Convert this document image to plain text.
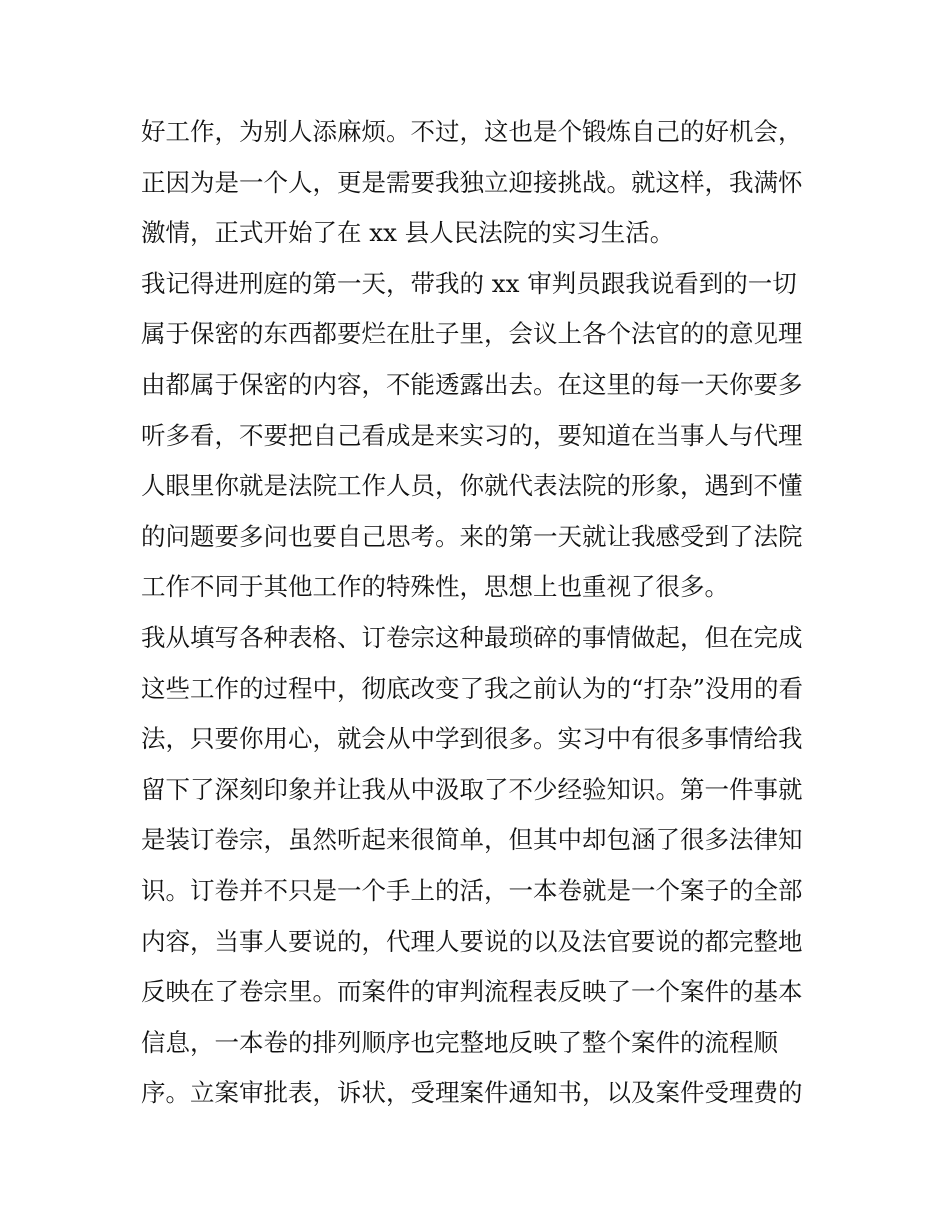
好工作，为别人添麻烦。不过，这也是个锻炼自己的好机会，
正因为是一个人，更是需要我独立迎接挑战。就这样，我满怀
激情，正式开始了在 xx 县人民法院的实习生活。
我记得进刑庭的第一天，带我的 xx 审判员跟我说看到的一切
属于保密的东西都要烂在肚子里，会议上各个法官的的意见理
由都属于保密的内容，不能透露出去。在这里的每一天你要多
听多看，不要把自己看成是来实习的，要知道在当事人与代理
人眼里你就是法院工作人员，你就代表法院的形象，遇到不懂
的问题要多问也要自己思考。来的第一天就让我感受到了法院
工作不同于其他工作的特殊性，思想上也重视了很多。
我从填写各种表格、订卷宗这种最琐碎的事情做起，但在完成
这些工作的过程中，彻底改变了我之前认为的“打杂”没用的看
法，只要你用心，就会从中学到很多。实习中有很多事情给我
留下了深刻印象并让我从中汲取了不少经验知识。第一件事就
是装订卷宗，虽然听起来很简单，但其中却包涵了很多法律知
识。订卷并不只是一个手上的活，一本卷就是一个案子的全部
内容，当事人要说的，代理人要说的以及法官要说的都完整地
反映在了卷宗里。而案件的审判流程表反映了一个案件的基本
信息，一本卷的排列顺序也完整地反映了整个案件的流程顺
序。立案审批表，诉状，受理案件通知书，以及案件受理费的
